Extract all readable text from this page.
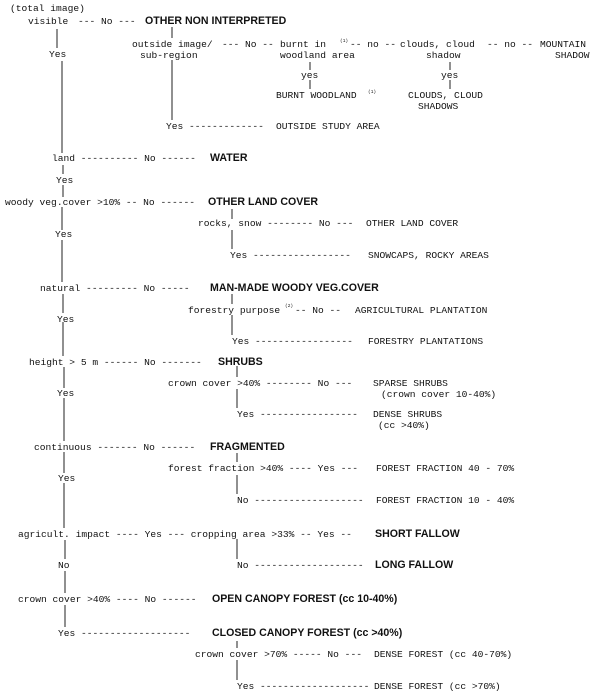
(total image)
visible --- No --- OTHER NON INTERPRETED
outside image/
sub-region
--- No -- burnt in
woodland area
(1) -- no -- clouds, cloud
shadow
-- no -- MOUNTAIN
SHADOW
Yes
yes	yes
BURNT WOODLAND	(1)	CLOUDS, CLOUD
SHADOWS
Yes ------------- OUTSIDE STUDY AREA
land ---------- No ------ WATER
Yes
woody veg.cover >10% -- No ------ OTHER LAND COVER
rocks, snow -------- No --- OTHER LAND COVER
Yes
Yes ----------------- SNOWCAPS, ROCKY AREAS
natural --------- No ----- MAN-MADE WOODY VEG.COVER
forestry purpose (2) -- No -- AGRICULTURAL PLANTATION
Yes
Yes ----------------- FORESTRY PLANTATIONS
height > 5 m ------ No ------- SHRUBS
crown cover >40% -------- No --- SPARSE SHRUBS
(crown cover 10-40%)
Yes
Yes ----------------- DENSE SHRUBS
(cc >40%)
continuous ------- No ------ FRAGMENTED
forest fraction >40% ---- Yes --- FOREST FRACTION 40 - 70%
Yes
No ------------------- FOREST FRACTION 10 - 40%
agricult. impact ---- Yes --- cropping area >33% -- Yes -- SHORT FALLOW
No	No ------------------- LONG FALLOW
crown cover >40% ---- No ------ OPEN CANOPY FOREST (cc 10-40%)
Yes ------------------- CLOSED CANOPY FOREST (cc >40%)
crown cover >70% ----- No --- DENSE FOREST (cc 40-70%)
Yes ------------------- DENSE FOREST (cc >70%)
